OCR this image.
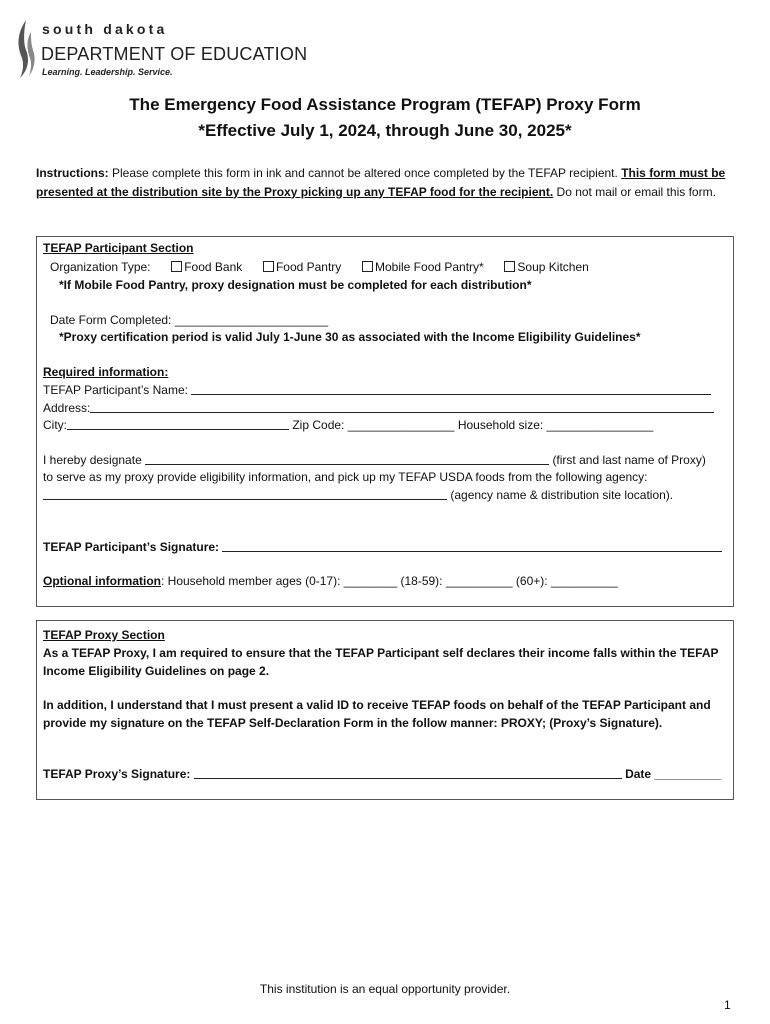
south dakota
DEPARTMENT OF EDUCATION
Learning. Leadership. Service.
The Emergency Food Assistance Program (TEFAP) Proxy Form
*Effective July 1, 2024, through June 30, 2025*
Instructions: Please complete this form in ink and cannot be altered once completed by the TEFAP recipient. This form must be presented at the distribution site by the Proxy picking up any TEFAP food for the recipient. Do not mail or email this form.
TEFAP Participant Section
Organization Type:	Food Bank	Food Pantry	Mobile Food Pantry*	Soup Kitchen
*If Mobile Food Pantry, proxy designation must be completed for each distribution*
Date Form Completed: _______________________
*Proxy certification period is valid July 1-June 30 as associated with the Income Eligibility Guidelines*
Required information:
TEFAP Participant’s Name:
Address:
City:	Zip Code: ________________ Household size: ________________
I hereby designate	(first and last name of Proxy)
to serve as my proxy provide eligibility information, and pick up my TEFAP USDA foods from the following agency:
(agency name & distribution site location).
TEFAP Participant’s Signature:
Optional information: Household member ages (0-17): ________ (18-59): __________ (60+): __________
TEFAP Proxy Section
As a TEFAP Proxy, I am required to ensure that the TEFAP Participant self declares their income falls within the TEFAP
Income Eligibility Guidelines on page 2.
In addition, I understand that I must present a valid ID to receive TEFAP foods on behalf of the TEFAP Participant and
provide my signature on the TEFAP Self-Declaration Form in the follow manner: PROXY; (Proxy’s Signature).
TEFAP Proxy’s Signature:	Date __________
This institution is an equal opportunity provider.
1
